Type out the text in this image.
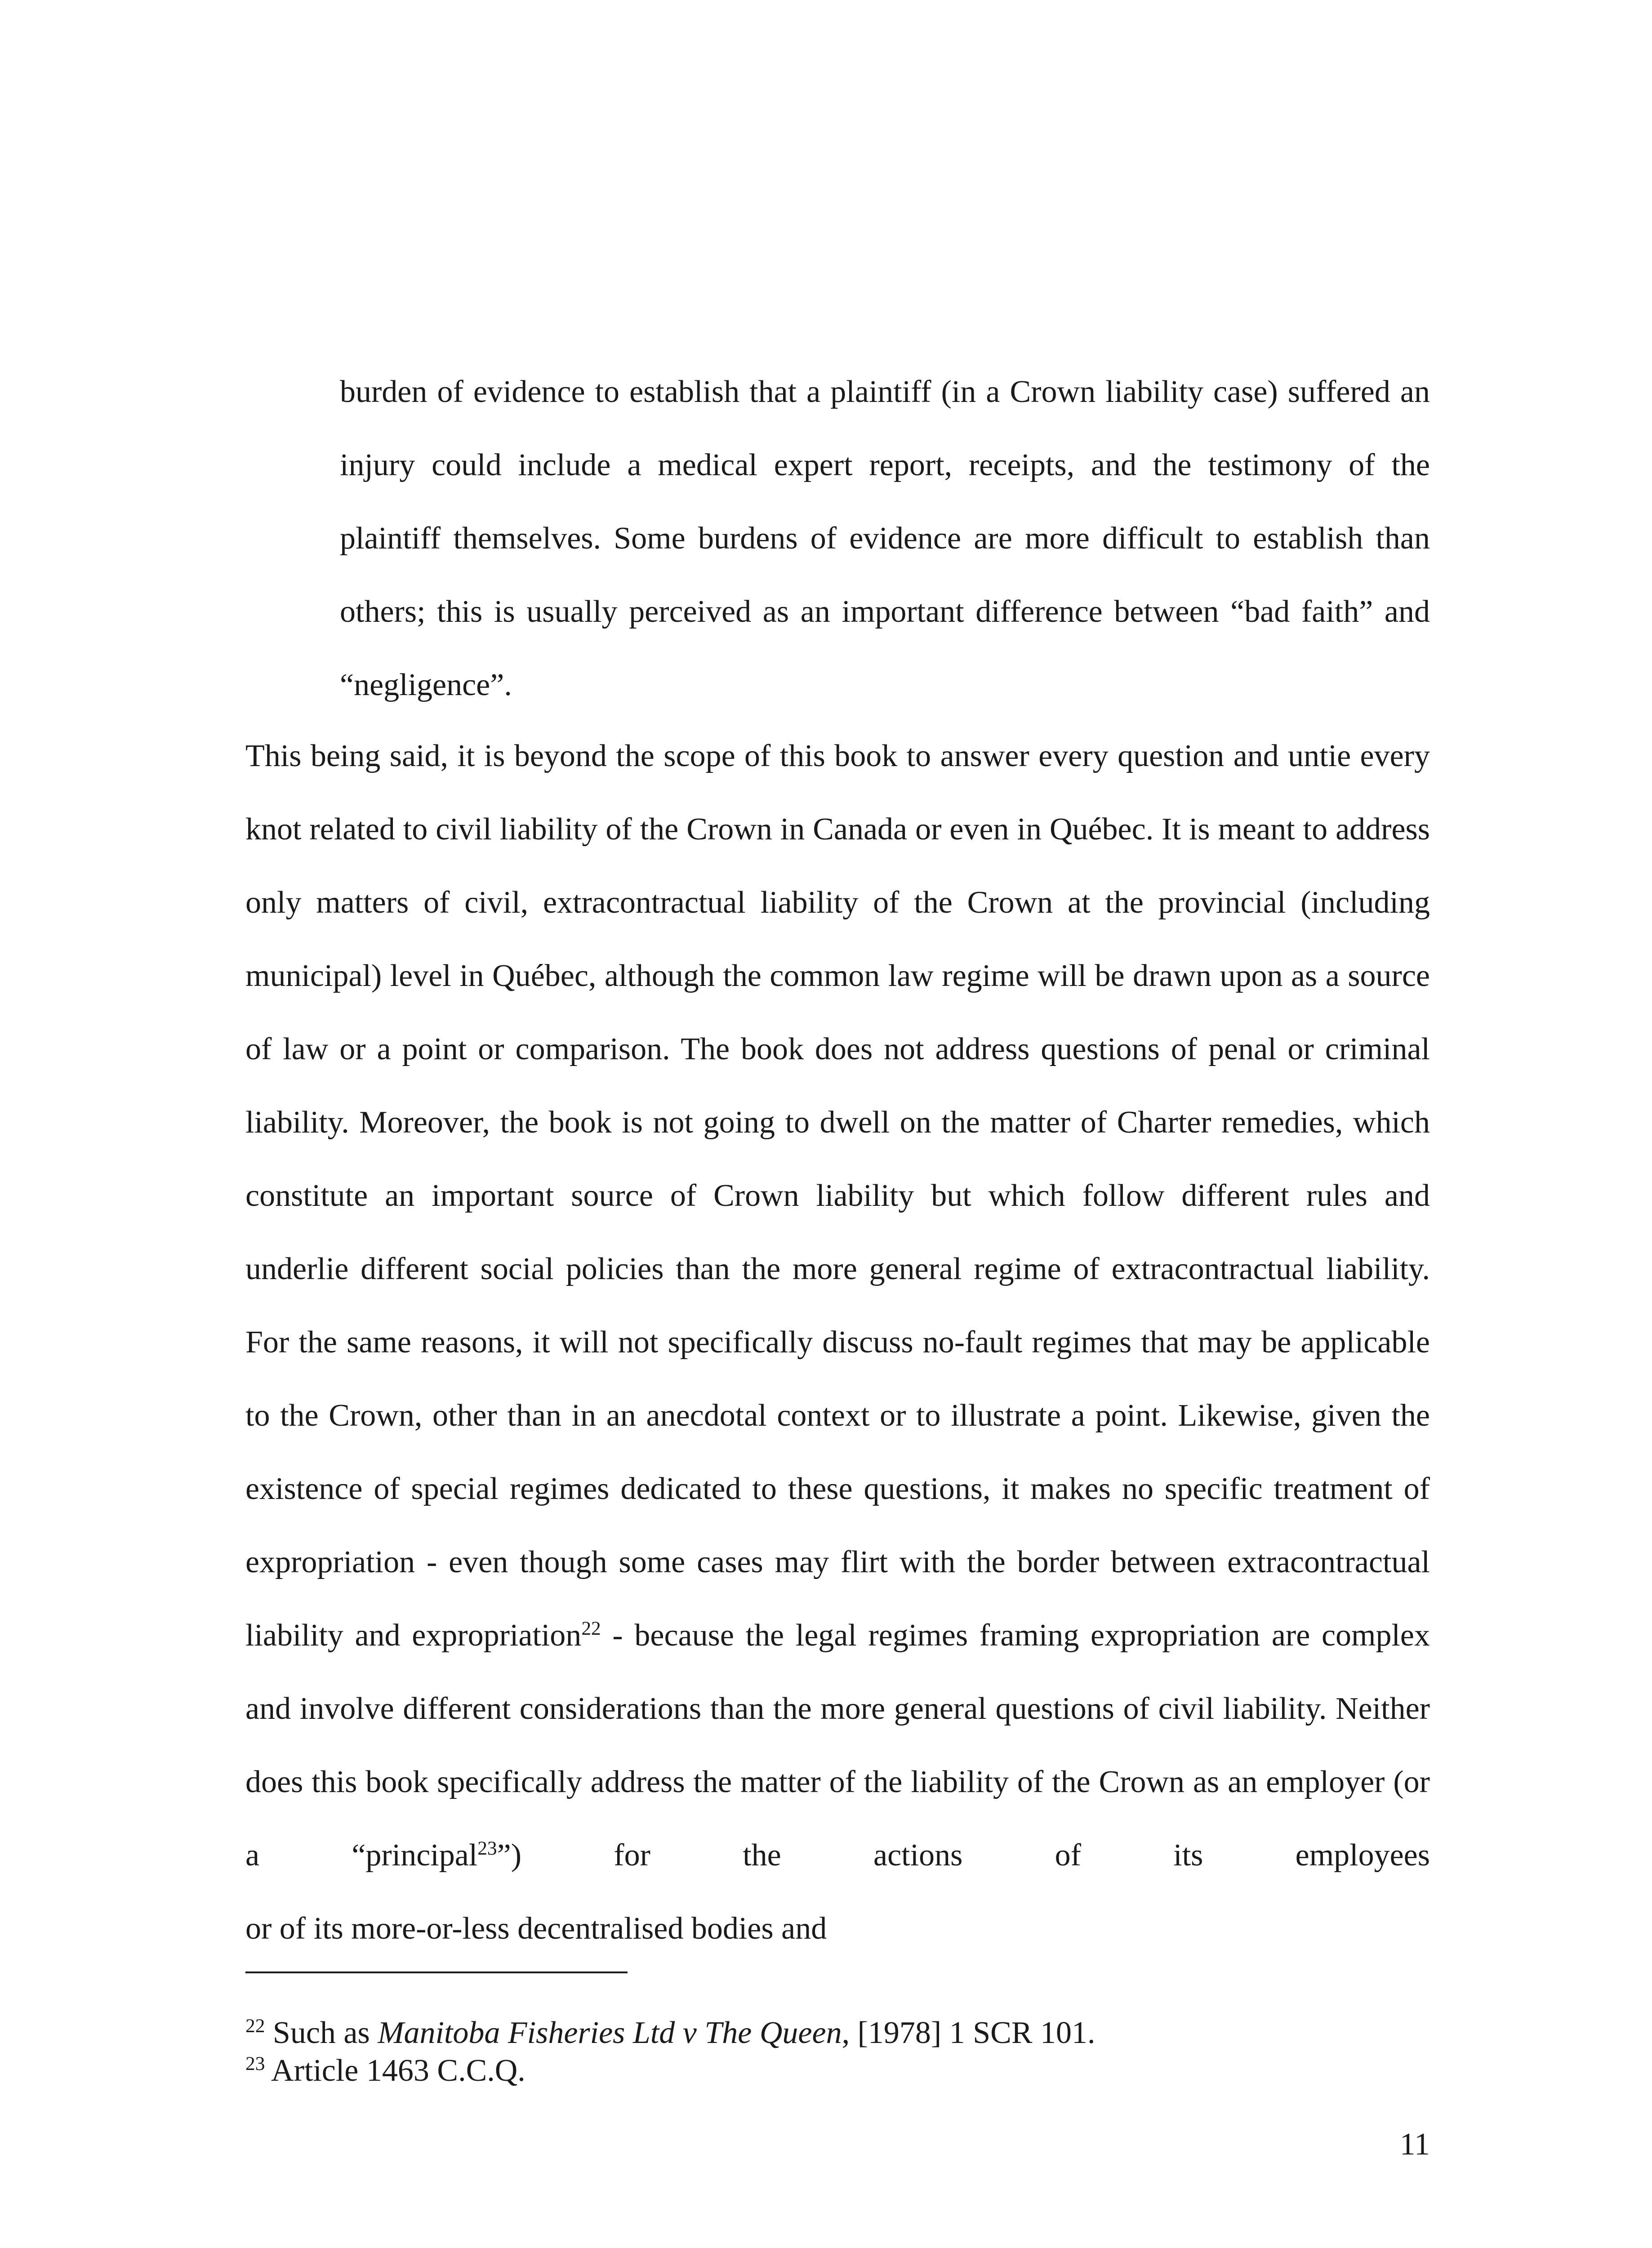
burden of evidence to establish that a plaintiff (in a Crown liability case) suffered an injury could include a medical expert report, receipts, and the testimony of the plaintiff themselves. Some burdens of evidence are more difficult to establish than others; this is usually perceived as an important difference between “bad faith” and “negligence”.

This being said, it is beyond the scope of this book to answer every question and untie every knot related to civil liability of the Crown in Canada or even in Québec. It is meant to address only matters of civil, extracontractual liability of the Crown at the provincial (including municipal) level in Québec, although the common law regime will be drawn upon as a source of law or a point or comparison. The book does not address questions of penal or criminal liability. Moreover, the book is not going to dwell on the matter of Charter remedies, which constitute an important source of Crown liability but which follow different rules and underlie different social policies than the more general regime of extracontractual liability. For the same reasons, it will not specifically discuss no-fault regimes that may be applicable to the Crown, other than in an anecdotal context or to illustrate a point. Likewise, given the existence of special regimes dedicated to these questions, it makes no specific treatment of expropriation - even though some cases may flirt with the border between extracontractual liability and expropriation$^{22}$ - because the legal regimes framing expropriation are complex and involve different considerations than the more general questions of civil liability. Neither does this book specifically address the matter of the liability of the Crown as an employer (or a “principal$^{23}$”) for the actions of its employees
or of its more-or-less decentralised bodies and
$^{22}$ Such as Manitoba Fisheries Ltd v The Queen, [1978] 1 SCR 101.
$^{23}$ Article 1463 C.C.Q.
11
